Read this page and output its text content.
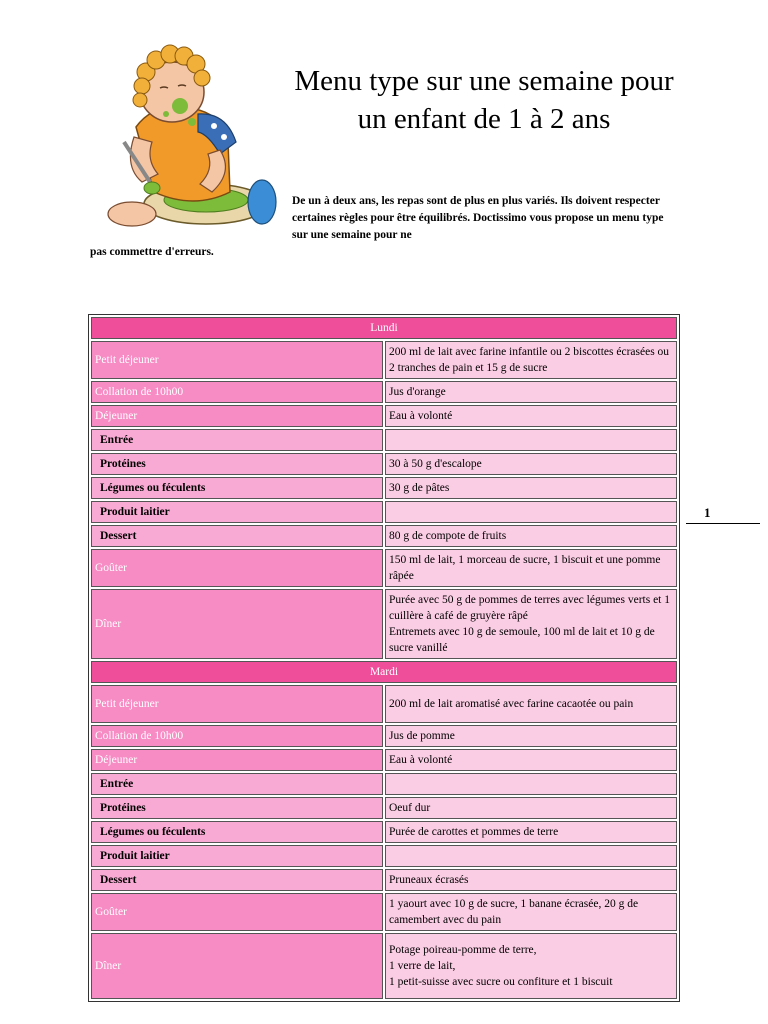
Menu type sur une semaine pour un enfant de 1 à 2 ans
De un à deux ans, les repas sont de plus en plus variés. Ils doivent respecter certaines règles pour être équilibrés. Doctissimo vous propose un menu type sur une semaine pour ne
pas commettre d'erreurs.
1
Lundi	
Petit déjeuner	200 ml de lait avec farine infantile ou 2 biscottes écrasées ou 2 tranches de pain et 15 g de sucre
Collation de 10h00	Jus d'orange
Déjeuner	Eau à volonté
Entrée	
Protéines	30 à 50 g d'escalope
Légumes ou féculents	30 g de pâtes
Produit laitier	
Dessert	80 g de compote de fruits
Goûter	150 ml de lait, 1 morceau de sucre, 1 biscuit et une pomme râpée
Dîner	Purée avec 50 g de pommes de terres avec légumes verts et 1 cuillère à café de gruyère râpé
Entremets avec 10 g de semoule, 100 ml de lait et 10 g de sucre vanillé
Mardi	
Petit déjeuner	200 ml de lait aromatisé avec farine cacaotée ou pain
Collation de 10h00	Jus de pomme
Déjeuner	Eau à volonté
Entrée	
Protéines	Oeuf dur
Légumes ou féculents	Purée de carottes et pommes de terre
Produit laitier	
Dessert	Pruneaux écrasés
Goûter	1 yaourt avec 10 g de sucre, 1 banane écrasée, 20 g de camembert avec du pain
Dîner	Potage poireau-pomme de terre,
1 verre de lait,
1 petit-suisse avec sucre ou confiture et 1 biscuit
